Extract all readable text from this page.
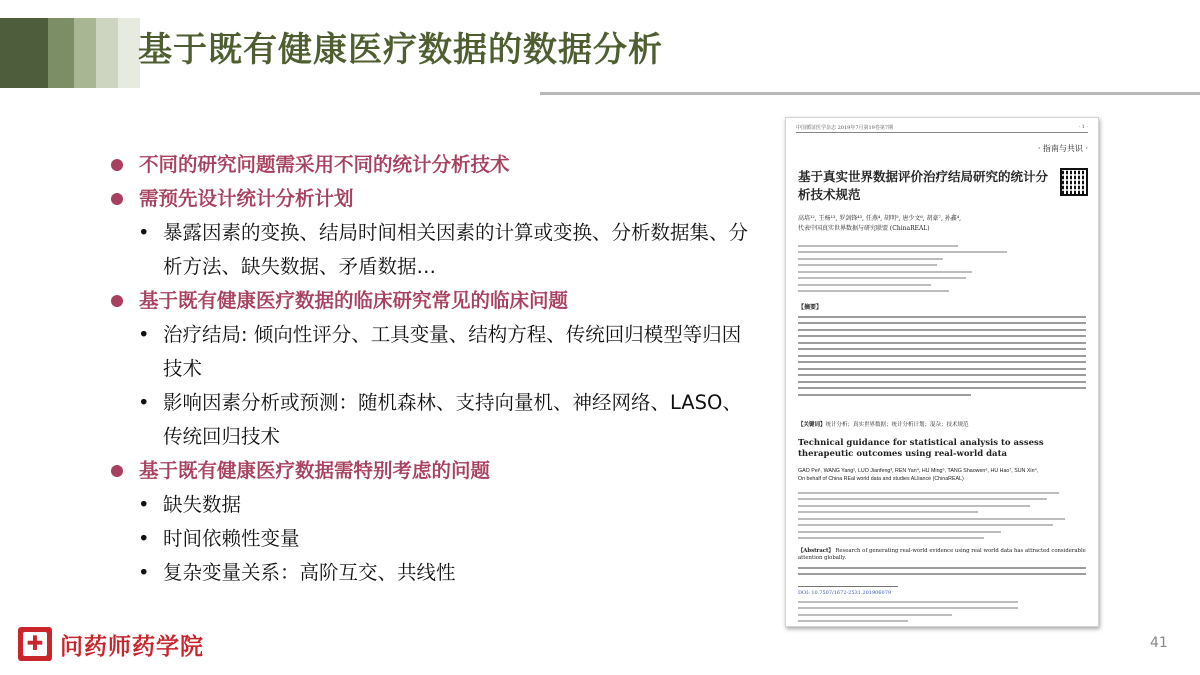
基于既有健康医疗数据的数据分析
不同的研究问题需采用不同的统计分析技术
需预先设计统计分析计划
• 暴露因素的变换、结局时间相关因素的计算或变换、分析数据集、分析方法、缺失数据、矛盾数据…
基于既有健康医疗数据的临床研究常见的临床问题
• 治疗结局: 倾向性评分、工具变量、结构方程、传统回归模型等归因技术
• 影响因素分析或预测：随机森林、支持向量机、神经网络、LASO、传统回归技术
基于既有健康医疗数据需特别考虑的问题
• 缺失数据
• 时间依赖性变量
• 复杂变量关系：高阶互交、共线性
中国循证医学杂志 2019年7月第19卷第7期	· 1 ·
· 指南与共识 ·
基于真实世界数据评价治疗结局研究的统计分析技术规范
高培¹², 王杨¹³, 罗剑锋⁴³, 任燕⁴, 胡明⁵, 唐少文⁶, 胡豪⁷, 孙鑫⁴,
代表中国真实世界数据与研究联盟 (ChinaREAL)
【摘要】
【关键词】统计分析；真实世界数据；统计分析计划；混杂；技术规范
Technical guidance for statistical analysis to assess therapeutic outcomes using real-world data
GAO Pei¹, WANG Yang², LUO Jianfeng³, REN Yan⁴, HU Ming⁵, TANG Shaowen⁶, HU Hao⁷, SUN Xin⁴,
On behalf of China REal world data and studies ALliance (ChinaREAL)
【Abstract】 Research of generating real-world evidence using real world data has attracted considerable attention globally.
DOI: 10.7507/1672-2531.201906079
✚
问药师药学院	41
